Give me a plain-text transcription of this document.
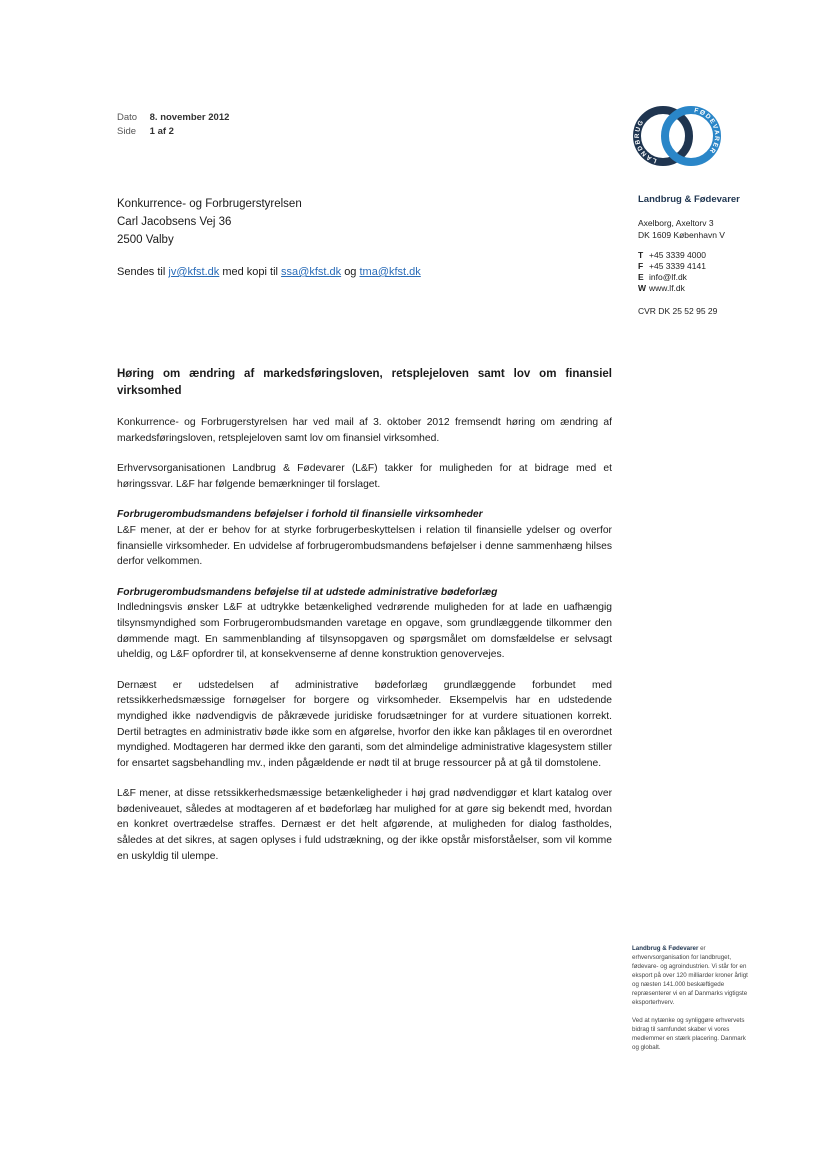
Dato 8. november 2012
Side 1 af 2
LANDBRUG
FØDEVARER
Landbrug & Fødevarer
Axelborg, Axeltorv 3
DK 1609 København V
T +45 3339 4000
F +45 3339 4141
E info@lf.dk
W www.lf.dk
CVR DK 25 52 95 29
Konkurrence- og Forbrugerstyrelsen
Carl Jacobsens Vej 36
2500 Valby
Sendes til jv@kfst.dk med kopi til ssa@kfst.dk og tma@kfst.dk

Høring om ændring af markedsføringsloven, retsplejeloven samt lov om finansiel virksomhed

Konkurrence- og Forbrugerstyrelsen har ved mail af 3. oktober 2012 fremsendt høring om ændring af markedsføringsloven, retsplejeloven samt lov om finansiel virksomhed.

Erhvervsorganisationen Landbrug & Fødevarer (L&F) takker for muligheden for at bidrage med et høringssvar. L&F har følgende bemærkninger til forslaget.

Forbrugerombudsmandens beføjelser i forhold til finansielle virksomheder

L&F mener, at der er behov for at styrke forbrugerbeskyttelsen i relation til finansielle ydelser og overfor finansielle virksomheder. En udvidelse af forbrugerombudsmandens beføjelser i denne sammenhæng hilses derfor velkommen.

Forbrugerombudsmandens beføjelse til at udstede administrative bødeforlæg

Indledningsvis ønsker L&F at udtrykke betænkelighed vedrørende muligheden for at lade en uafhængig tilsynsmyndighed som Forbrugerombudsmanden varetage en opgave, som grundlæggende tilkommer den dømmende magt. En sammenblanding af tilsynsopgaven og spørgsmålet om domsfældelse er selvsagt uheldig, og L&F opfordrer til, at konsekvenserne af denne konstruktion genovervejes.

Dernæst er udstedelsen af administrative bødeforlæg grundlæggende forbundet med retssikkerhedsmæssige fornøgelser for borgere og virksomheder. Eksempelvis har en udstedende myndighed ikke nødvendigvis de påkrævede juridiske forudsætninger for at vurdere situationen korrekt. Dertil betragtes en administrativ bøde ikke som en afgørelse, hvorfor den ikke kan påklages til en overordnet myndighed. Modtageren har dermed ikke den garanti, som det almindelige administrative klagesystem stiller for ensartet sagsbehandling mv., inden pågældende er nødt til at bruge ressourcer på at gå til domstolene.

L&F mener, at disse retssikkerhedsmæssige betænkeligheder i høj grad nødvendiggør et klart katalog over bødeniveauet, således at modtageren af et bødeforlæg har mulighed for at gøre sig bekendt med, hvordan en konkret overtrædelse straffes. Dernæst er det helt afgørende, at muligheden for dialog fastholdes, således at det sikres, at sagen oplyses i fuld udstrækning, og der ikke opstår misforståelser, som vil komme en uskyldig til ulempe.

Landbrug & Fødevarer er erhvervsorganisation for landbruget, fødevare- og agroindustrien. Vi står for en eksport på over 120 milliarder kroner årligt og næsten 141.000 beskæftigede repræsenterer vi en af Danmarks vigtigste eksporterhverv.

Ved at nytænke og synliggøre erhvervets bidrag til samfundet skaber vi vores medlemmer en stærk placering. Danmark og globalt.
